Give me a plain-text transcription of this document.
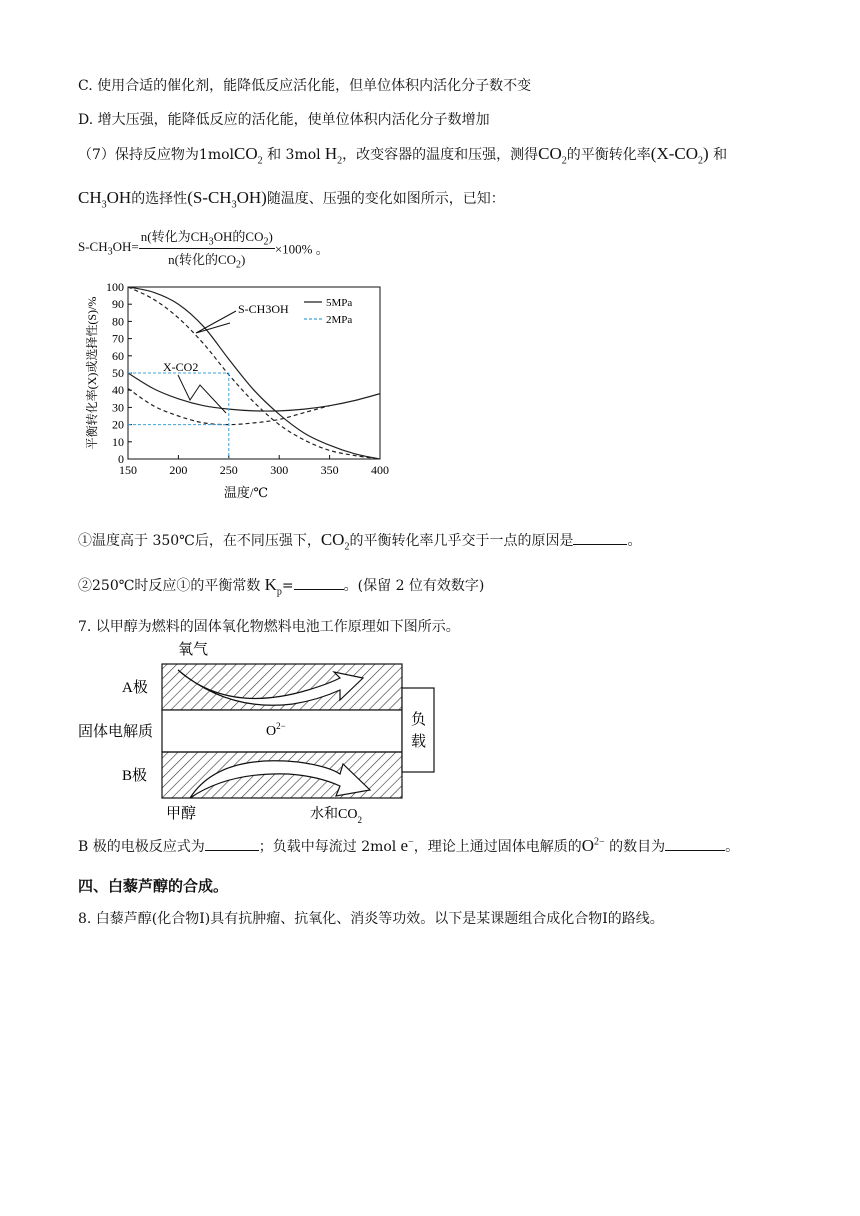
C. 使用合适的催化剂，能降低反应活化能，但单位体积内活化分子数不变
D. 增大压强，能降低反应的活化能，使单位体积内活化分子数增加
（7）保持反应物为1molCO$_2$ 和 3mol $H_2$，改变容器的温度和压强，测得$CO_2$的平衡转化率$(X-CO_2)$ 和
$CH_3OH$的选择性$(S-CH_3OH)$随温度、压强的变化如图所示，已知：
$S-CH_3OH= \frac{n(转化为CH_3OH的CO_2)}{n(转化的CO_2)} \times 100\%$ 。
0
10
20
30
40
50
60
70
80
90
100
150	200	250	300	350	400
温度/℃
平衡转化率(X)或选择性(S)/%	S-CH3OH
X-CO2
5MPa
2MPa
①温度高于 350℃后，在不同压强下，$CO_2$的平衡转化率几乎交于一点的原因是	。
②250℃时反应①的平衡常数 $K_p=$	。(保留 2 位有效数字)
7. 以甲醇为燃料的固体氧化物燃料电池工作原理如下图所示。
氧气
负
载
A极
固体电解质	$O^{2-}$
B极
甲醇	水和$CO_2$
B 极的电极反应式为	；负载中每流过 2mol e−，理论上通过固体电解质的$O^{2-}$ 的数目为	。
四、白藜芦醇的合成。
8. 白藜芦醇(化合物Ⅰ)具有抗肿瘤、抗氧化、消炎等功效。以下是某课题组合成化合物Ⅰ的路线。
